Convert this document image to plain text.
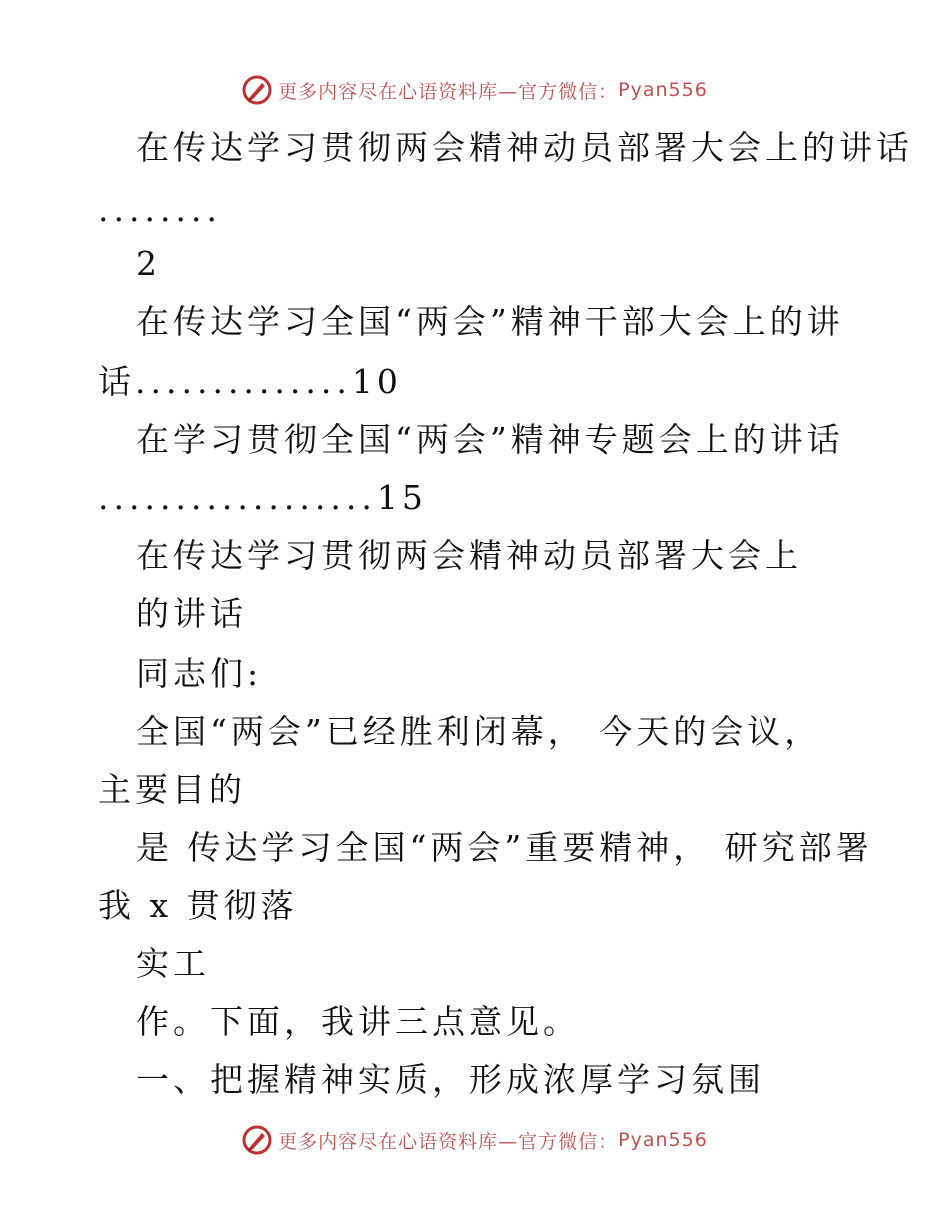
更多内容尽在心语资料库—官方微信： Pyan556
在传达学习贯彻两会精神动员部署大会上的讲话
........
2
在传达学习全国“两会”精神干部大会上的讲
话..............10
在学习贯彻全国“两会”精神专题会上的讲话
..................15
在传达学习贯彻两会精神动员部署大会上
的讲话
同志们:
全国“两会”已经胜利闭幕， 今天的会议，
主要目的
是 传达学习全国“两会”重要精神， 研究部署
我 x 贯彻落
实工
作。下面，我讲三点意见。
一、把握精神实质，形成浓厚学习氛围
更多内容尽在心语资料库—官方微信： Pyan556
